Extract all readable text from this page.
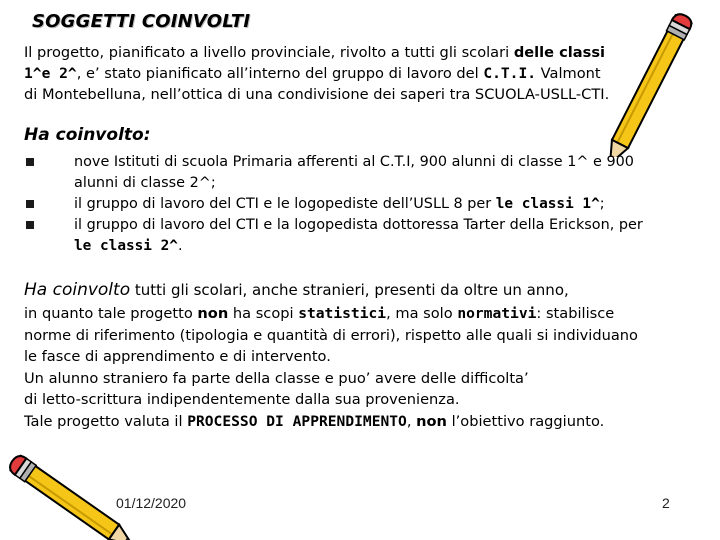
SOGGETTI COINVOLTI

Il progetto, pianificato a livello provinciale, rivolto a tutti gli scolari delle classi
1^e 2^, e’ stato pianificato all’interno del gruppo di lavoro del C.T.I. Valmont
di Montebelluna, nell’ottica di una condivisione dei saperi tra SCUOLA-USLL-CTI.

Ha coinvolto:
nove Istituti di scuola Primaria afferenti al C.T.I, 900 alunni di classe 1^ e 900 alunni di classe 2^;
il gruppo di lavoro del CTI e le logopediste dell’USLL 8 per le classi 1^;
il gruppo di lavoro del CTI e la logopedista dottoressa Tarter della Erickson, per le classi 2^.

Ha coinvolto tutti gli scolari, anche stranieri, presenti da oltre un anno,

in quanto tale progetto non ha scopi statistici, ma solo normativi: stabilisce
norme di riferimento (tipologia e quantità di errori), rispetto alle quali si individuano
le fasce di apprendimento e di intervento.
Un alunno straniero fa parte della classe e puo’ avere delle difficolta’
di letto-scrittura indipendentemente dalla sua provenienza.
Tale progetto valuta il PROCESSO DI APPRENDIMENTO, non l’obiettivo raggiunto.

01/12/2020	2
